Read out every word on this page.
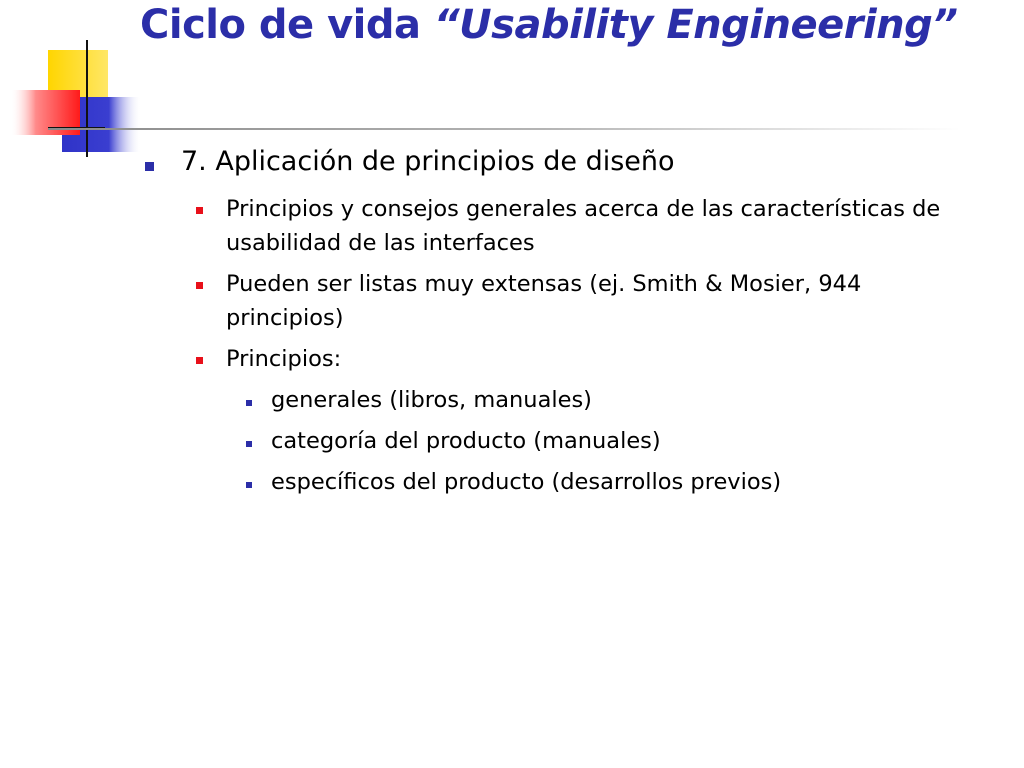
Ciclo de vida “Usability Engineering”
7. Aplicación de principios de diseño
Principios y consejos generales acerca de las características de usabilidad de las interfaces
Pueden ser listas muy extensas (ej. Smith & Mosier, 944 principios)
Principios:
generales (libros, manuales)
categoría del producto (manuales)
específicos del producto (desarrollos previos)
